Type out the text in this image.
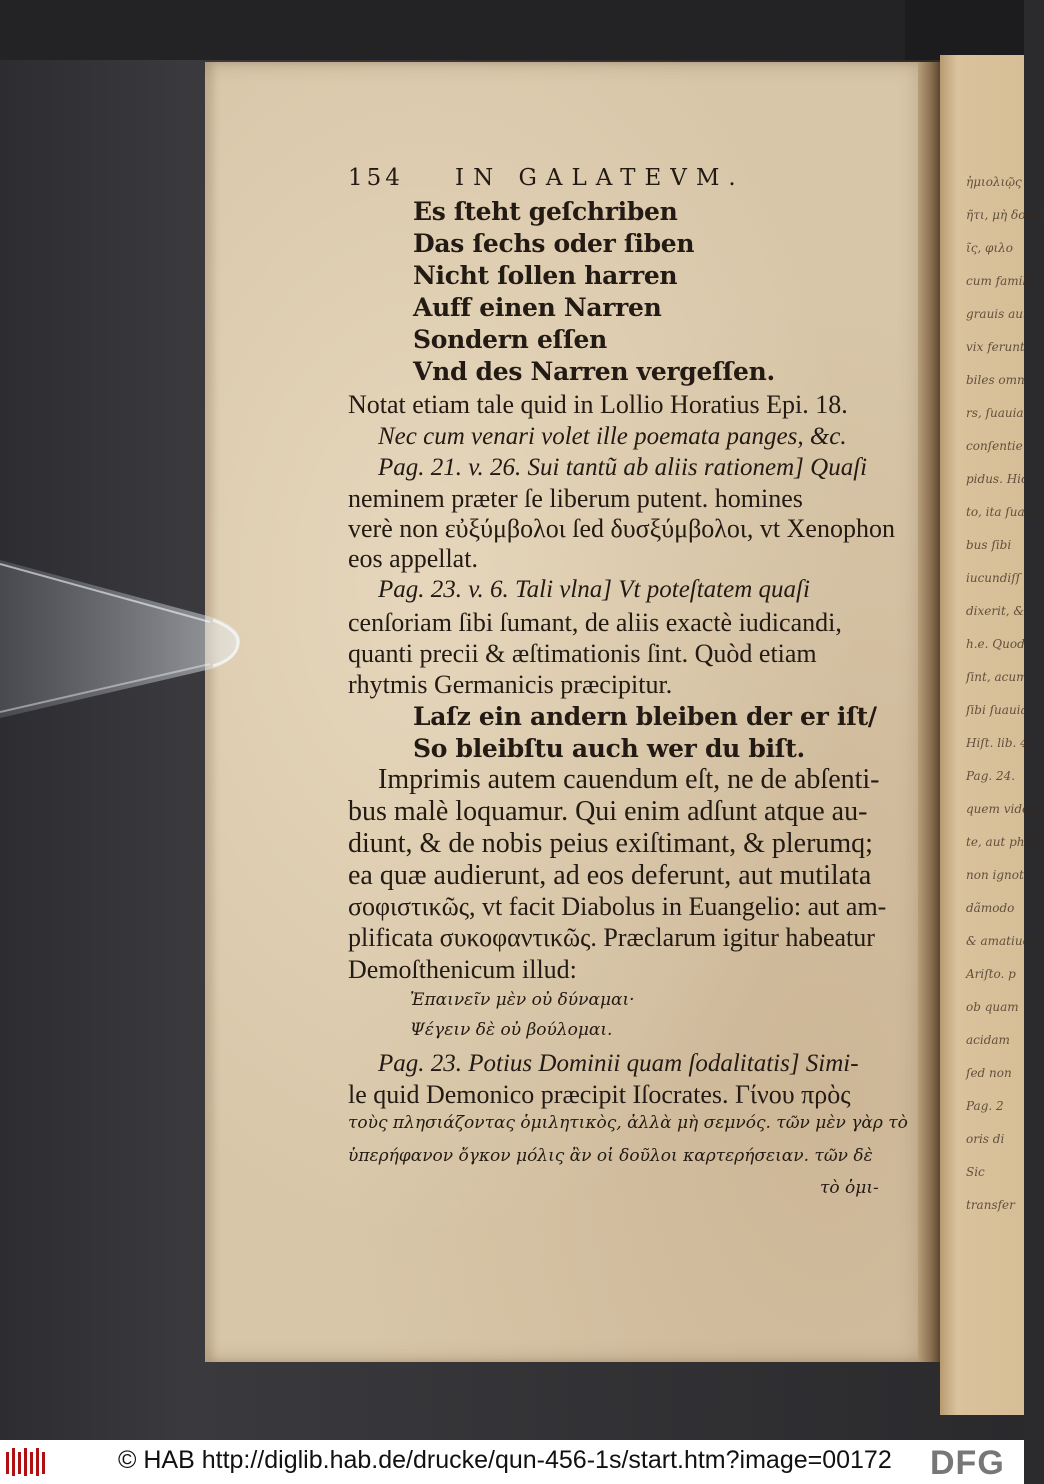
ἡμιολιῷς
ῆτι, μὴ δοκεῖ
ῖς, φιλο
cum famili
grauis aut
vix ferunt
biles omni
rs, ſuauia
conſentie
pidus. Hic
to, ita ſuau
bus ſibi
iucundiſſ
dixerit, &
h.e. Quod
ſint, acum
ſibi ſuauia
Hiſt. lib. 4.
Pag. 24.
quem video
te, aut phan
non ignoto
dãmodo
& amatiuo
Ariſto. p
ob quam
acidam
ſed non
Pag. 2
oris di
Sic
transfer
154 IN GALATEVM.
Es ſteht geſchriben
Das ſechs oder ſiben
Nicht ſollen harren
Auff einen Narren
Sondern eſſen
Vnd des Narren vergeſſen.
Notat etiam tale quid in Lollio Horatius Epi. 18.
Nec cum venari volet ille poemata panges, &c.
Pag. 21. v. 26. Sui tantũ ab aliis rationem] Quaſi
neminem præter ſe liberum putent. homines
verè non εὐξύμβολοι ſed δυσξύμβολοι, vt Xenophon
eos appellat.
Pag. 23. v. 6. Tali vlna] Vt poteſtatem quaſi
cenſoriam ſibi ſumant, de aliis exactè iudicandi,
quanti precii & æſtimationis ſint. Quòd etiam
rhytmis Germanicis præcipitur.
Laſz ein andern bleiben der er iſt/
So bleibſtu auch wer du biſt.
Imprimis autem cauendum eſt, ne de abſenti-
bus malè loquamur. Qui enim adſunt atque au-
diunt, & de nobis peius exiſtimant, & plerumq;
ea quæ audierunt, ad eos deferunt, aut mutilata
σοφιστικῶς, vt facit Diabolus in Euangelio: aut am-
plificata συκοφαντικῶς. Præclarum igitur habeatur
Demoſthenicum illud:
Ἐπαινεῖν μὲν οὐ δύναμαι·
Ψέγειν δὲ οὐ βούλομαι.
Pag. 23. Potius Dominii quam ſodalitatis] Simi-
le quid Demonico præcipit Iſocrates. Γίνου πρὸς
τοὺς πλησιάζοντας ὁμιλητικὸς, ἀλλὰ μὴ σεμνός. τῶν μὲν γὰρ τὸ
ὑπερήφανον ὄγκον μόλις ἂν οἱ δοῦλοι καρτερήσειαν. τῶν δὲ
τὸ ὁμι-
© HAB http://diglib.hab.de/drucke/qun-456-1s/start.htm?image=00172 DFG
